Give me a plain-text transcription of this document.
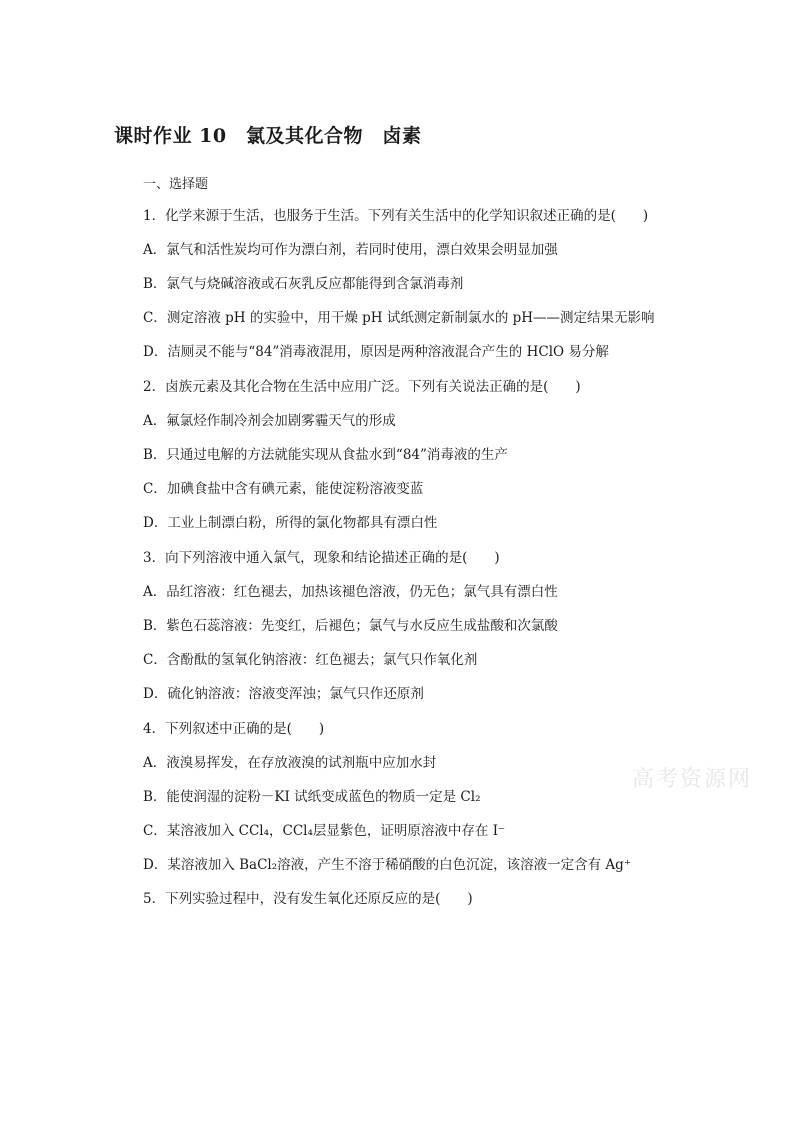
课时作业 10　氯及其化合物　卤素
一、选择题
1．化学来源于生活，也服务于生活。下列有关生活中的化学知识叙述正确的是(　　)
A．氯气和活性炭均可作为漂白剂，若同时使用，漂白效果会明显加强
B．氯气与烧碱溶液或石灰乳反应都能得到含氯消毒剂
C．测定溶液 pH 的实验中，用干燥 pH 试纸测定新制氯水的 pH——测定结果无影响
D．洁厕灵不能与“84”消毒液混用，原因是两种溶液混合产生的 HClO 易分解
2．卤族元素及其化合物在生活中应用广泛。下列有关说法正确的是(　　)
A．氟氯烃作制冷剂会加剧雾霾天气的形成
B．只通过电解的方法就能实现从食盐水到“84”消毒液的生产
C．加碘食盐中含有碘元素，能使淀粉溶液变蓝
D．工业上制漂白粉，所得的氯化物都具有漂白性
3．向下列溶液中通入氯气，现象和结论描述正确的是(　　)
A．品红溶液：红色褪去，加热该褪色溶液，仍无色；氯气具有漂白性
B．紫色石蕊溶液：先变红，后褪色；氯气与水反应生成盐酸和次氯酸
C．含酚酞的氢氧化钠溶液：红色褪去；氯气只作氧化剂
D．硫化钠溶液：溶液变浑浊；氯气只作还原剂
4．下列叙述中正确的是(　　)
A．液溴易挥发，在存放液溴的试剂瓶中应加水封
B．能使润湿的淀粉－KI 试纸变成蓝色的物质一定是 Cl₂
C．某溶液加入 CCl₄，CCl₄层显紫色，证明原溶液中存在 I⁻
D．某溶液加入 BaCl₂溶液，产生不溶于稀硝酸的白色沉淀，该溶液一定含有 Ag⁺
5．下列实验过程中，没有发生氧化还原反应的是(　　)
高考资源网
